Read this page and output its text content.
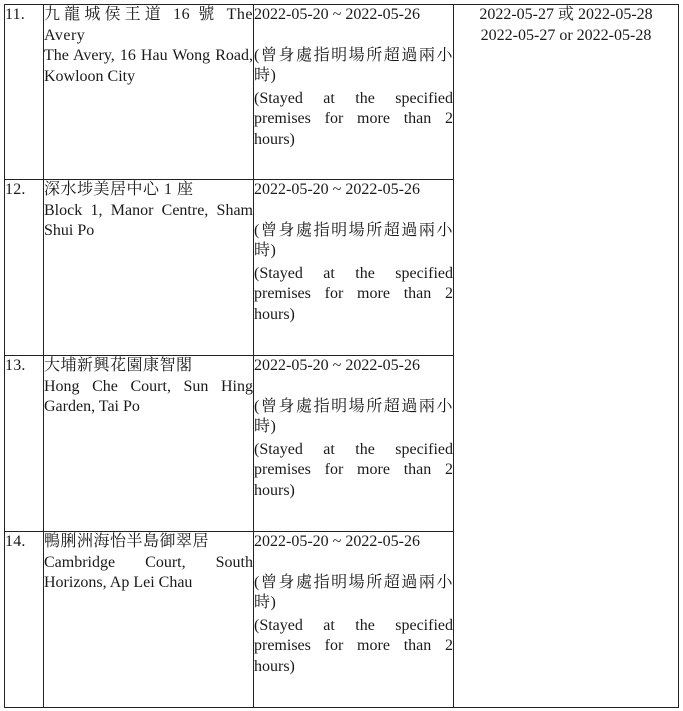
11.	九龍城侯王道 16 號 The Avery
The Avery, 16 Hau Wong Road, Kowloon City	2022-05-20 ~ 2022-05-26
(曾身處指明場所超過兩小時)
(Stayed at the specified premises for more than 2 hours)	2022-05-27 或 2022-05-28
2022-05-27 or 2022-05-28

12.	深水埗美居中心 1 座
Block 1, Manor Centre, Sham Shui Po	2022-05-20 ~ 2022-05-26
(曾身處指明場所超過兩小時)
(Stayed at the specified premises for more than 2 hours)	

13.	大埔新興花園康智閣
Hong Che Court, Sun Hing Garden, Tai Po	2022-05-20 ~ 2022-05-26
(曾身處指明場所超過兩小時)
(Stayed at the specified premises for more than 2 hours)	

14.	鴨脷洲海怡半島御翠居
Cambridge Court, South Horizons, Ap Lei Chau	2022-05-20 ~ 2022-05-26
(曾身處指明場所超過兩小時)
(Stayed at the specified premises for more than 2 hours)	
